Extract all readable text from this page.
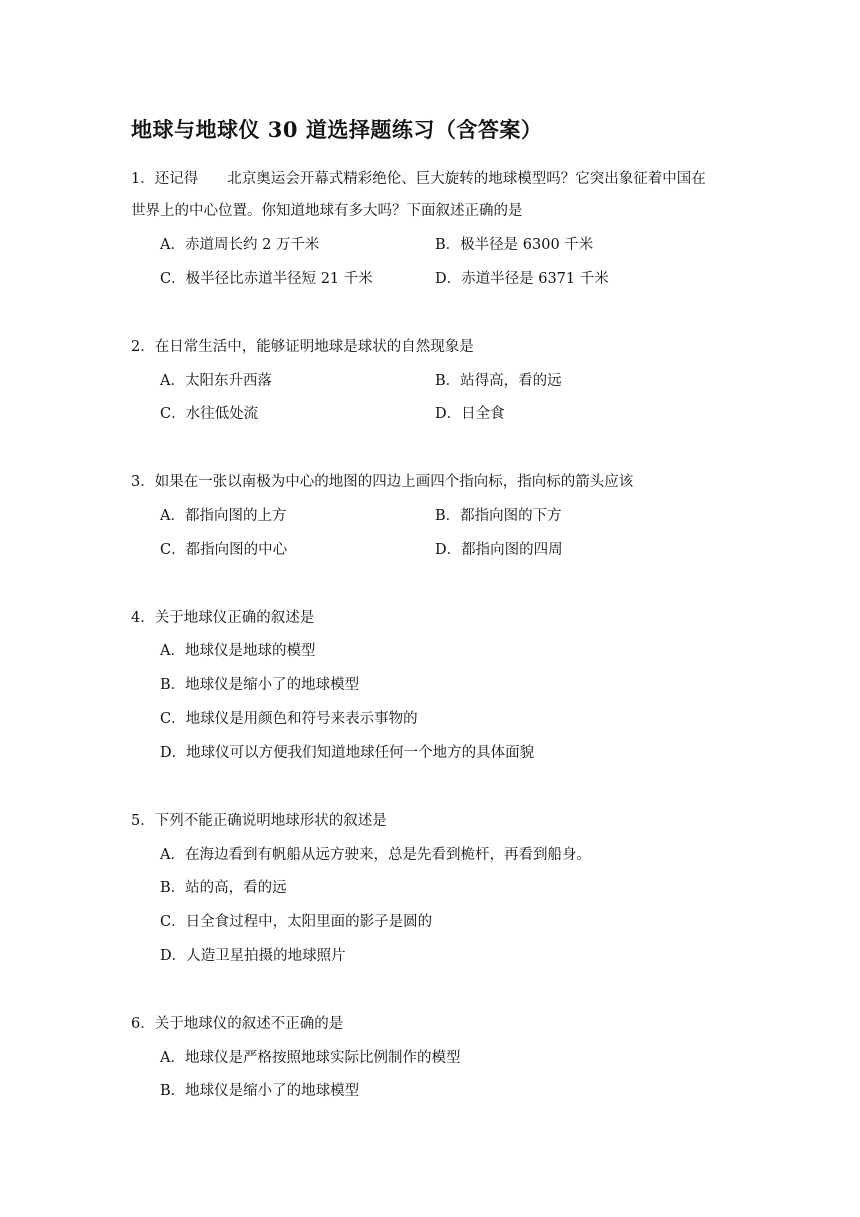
地球与地球仪 30 道选择题练习（含答案）
1．还记得　　北京奥运会开幕式精彩绝伦、巨大旋转的地球模型吗？它突出象征着中国在
世界上的中心位置。你知道地球有多大吗？下面叙述正确的是
A．赤道周长约 2 万千米	B．极半径是 6300 千米
C．极半径比赤道半径短 21 千米	D．赤道半径是 6371 千米
2．在日常生活中，能够证明地球是球状的自然现象是
A．太阳东升西落	B．站得高，看的远
C．水往低处流	D．日全食
3．如果在一张以南极为中心的地图的四边上画四个指向标，指向标的箭头应该
A．都指向图的上方	B．都指向图的下方
C．都指向图的中心	D．都指向图的四周
4．关于地球仪正确的叙述是
A．地球仪是地球的模型
B．地球仪是缩小了的地球模型
C．地球仪是用颜色和符号来表示事物的
D．地球仪可以方便我们知道地球任何一个地方的具体面貌
5．下列不能正确说明地球形状的叙述是
A．在海边看到有帆船从远方驶来，总是先看到桅杆，再看到船身。
B．站的高，看的远
C．日全食过程中，太阳里面的影子是圆的
D．人造卫星拍摄的地球照片
6．关于地球仪的叙述不正确的是
A．地球仪是严格按照地球实际比例制作的模型
B．地球仪是缩小了的地球模型
